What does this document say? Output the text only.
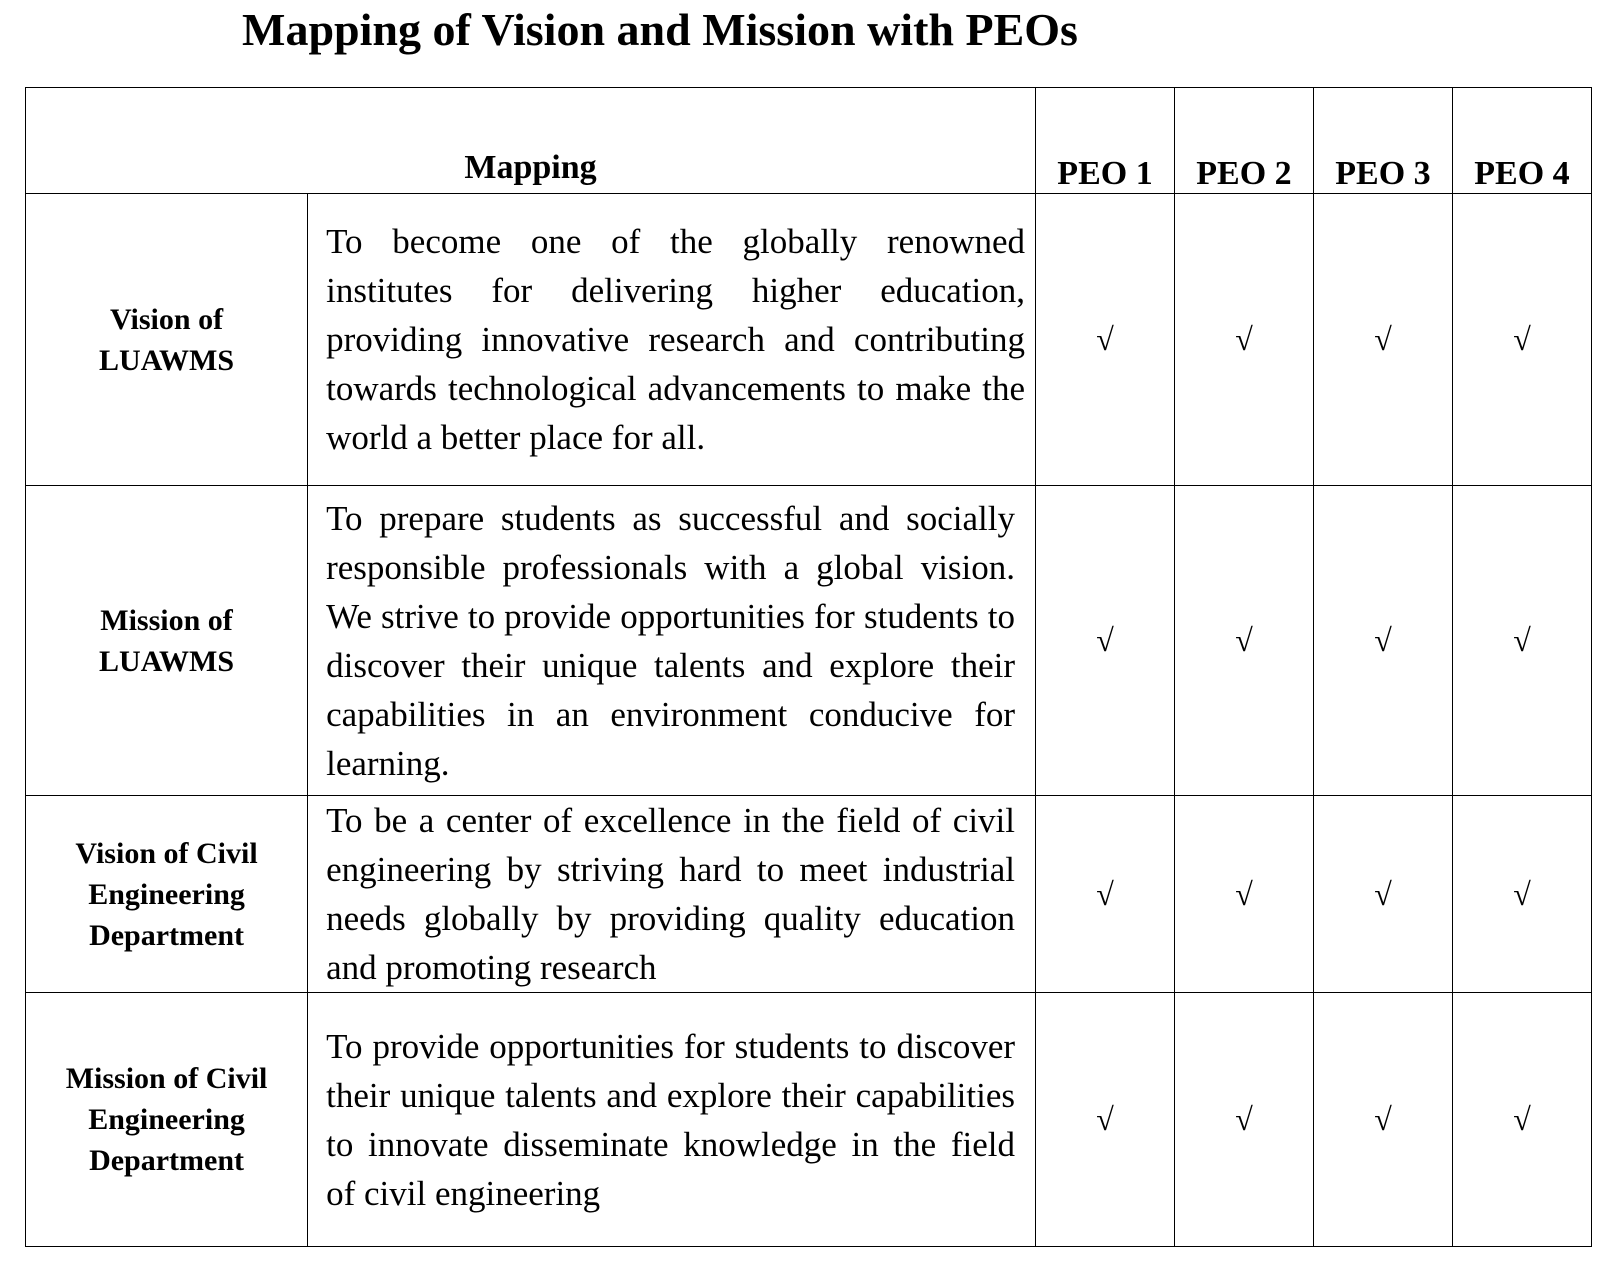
Mapping of Vision and Mission with PEOs
Mapping		PEO 1	PEO 2	PEO 3	PEO 4

Vision of LUAWMS	To become one of the globally renowned institutes for delivering higher education, providing innovative research and contributing towards technological advancements to make the world a better place for all.	√	√	√	√

Mission of LUAWMS	To prepare students as successful and socially responsible professionals with a global vision. We strive to provide opportunities for students to discover their unique talents and explore their capabilities in an environment conducive for learning.	√	√	√	√

Vision of Civil Engineering Department	To be a center of excellence in the field of civil engineering by striving hard to meet industrial needs globally by providing quality education and promoting research	√	√	√	√

Mission of Civil Engineering Department	To provide opportunities for students to discover their unique talents and explore their capabilities to innovate disseminate knowledge in the field of civil engineering	√	√	√	√
